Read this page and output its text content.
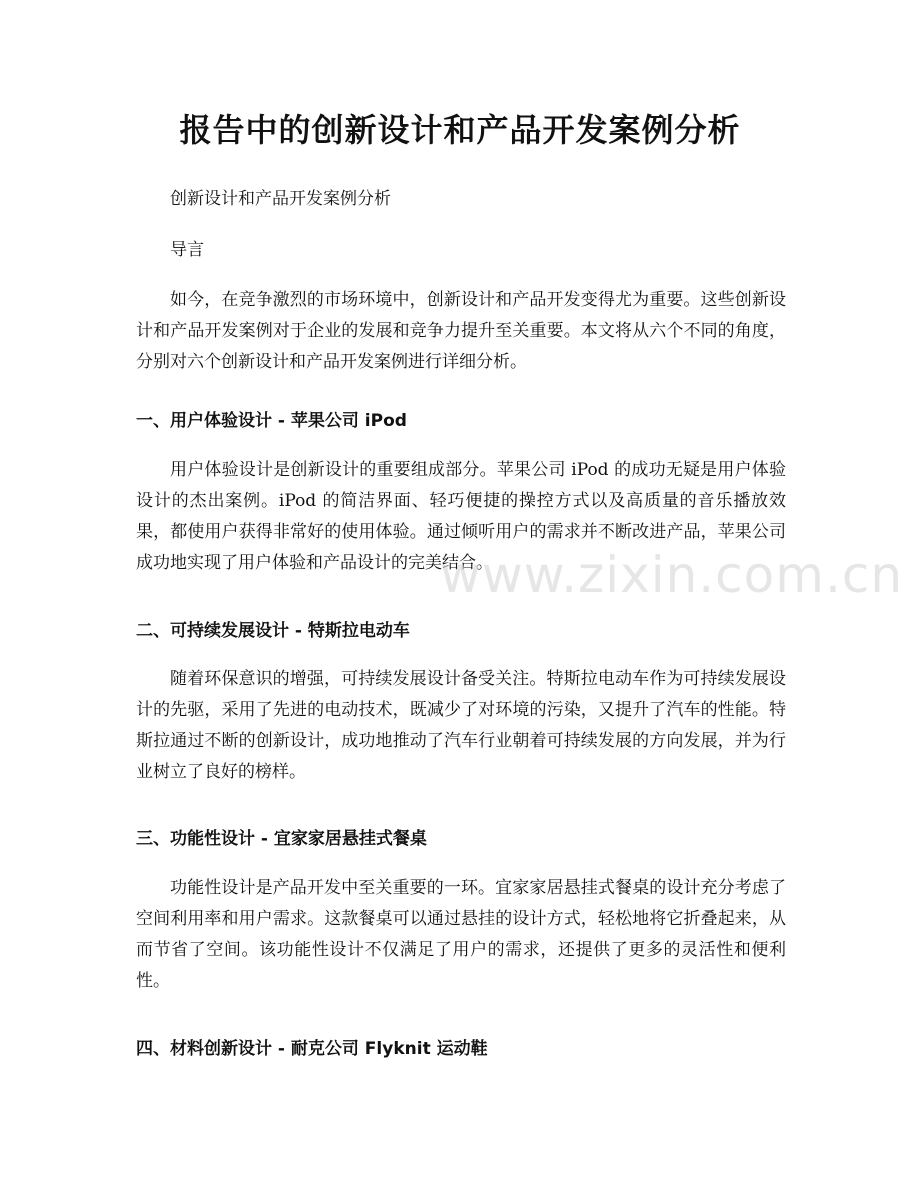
报告中的创新设计和产品开发案例分析
创新设计和产品开发案例分析
导言
如今，在竞争激烈的市场环境中，创新设计和产品开发变得尤为重要。这些创新设计和产品开发案例对于企业的发展和竞争力提升至关重要。本文将从六个不同的角度，分别对六个创新设计和产品开发案例进行详细分析。
一、用户体验设计 - 苹果公司 iPod
用户体验设计是创新设计的重要组成部分。苹果公司 iPod 的成功无疑是用户体验设计的杰出案例。iPod 的简洁界面、轻巧便捷的操控方式以及高质量的音乐播放效果，都使用户获得非常好的使用体验。通过倾听用户的需求并不断改进产品，苹果公司成功地实现了用户体验和产品设计的完美结合。
二、可持续发展设计 - 特斯拉电动车
随着环保意识的增强，可持续发展设计备受关注。特斯拉电动车作为可持续发展设计的先驱，采用了先进的电动技术，既减少了对环境的污染，又提升了汽车的性能。特斯拉通过不断的创新设计，成功地推动了汽车行业朝着可持续发展的方向发展，并为行业树立了良好的榜样。
三、功能性设计 - 宜家家居悬挂式餐桌
功能性设计是产品开发中至关重要的一环。宜家家居悬挂式餐桌的设计充分考虑了空间利用率和用户需求。这款餐桌可以通过悬挂的设计方式，轻松地将它折叠起来，从而节省了空间。该功能性设计不仅满足了用户的需求，还提供了更多的灵活性和便利性。
四、材料创新设计 - 耐克公司 Flyknit 运动鞋
www.zixin.com.cn
